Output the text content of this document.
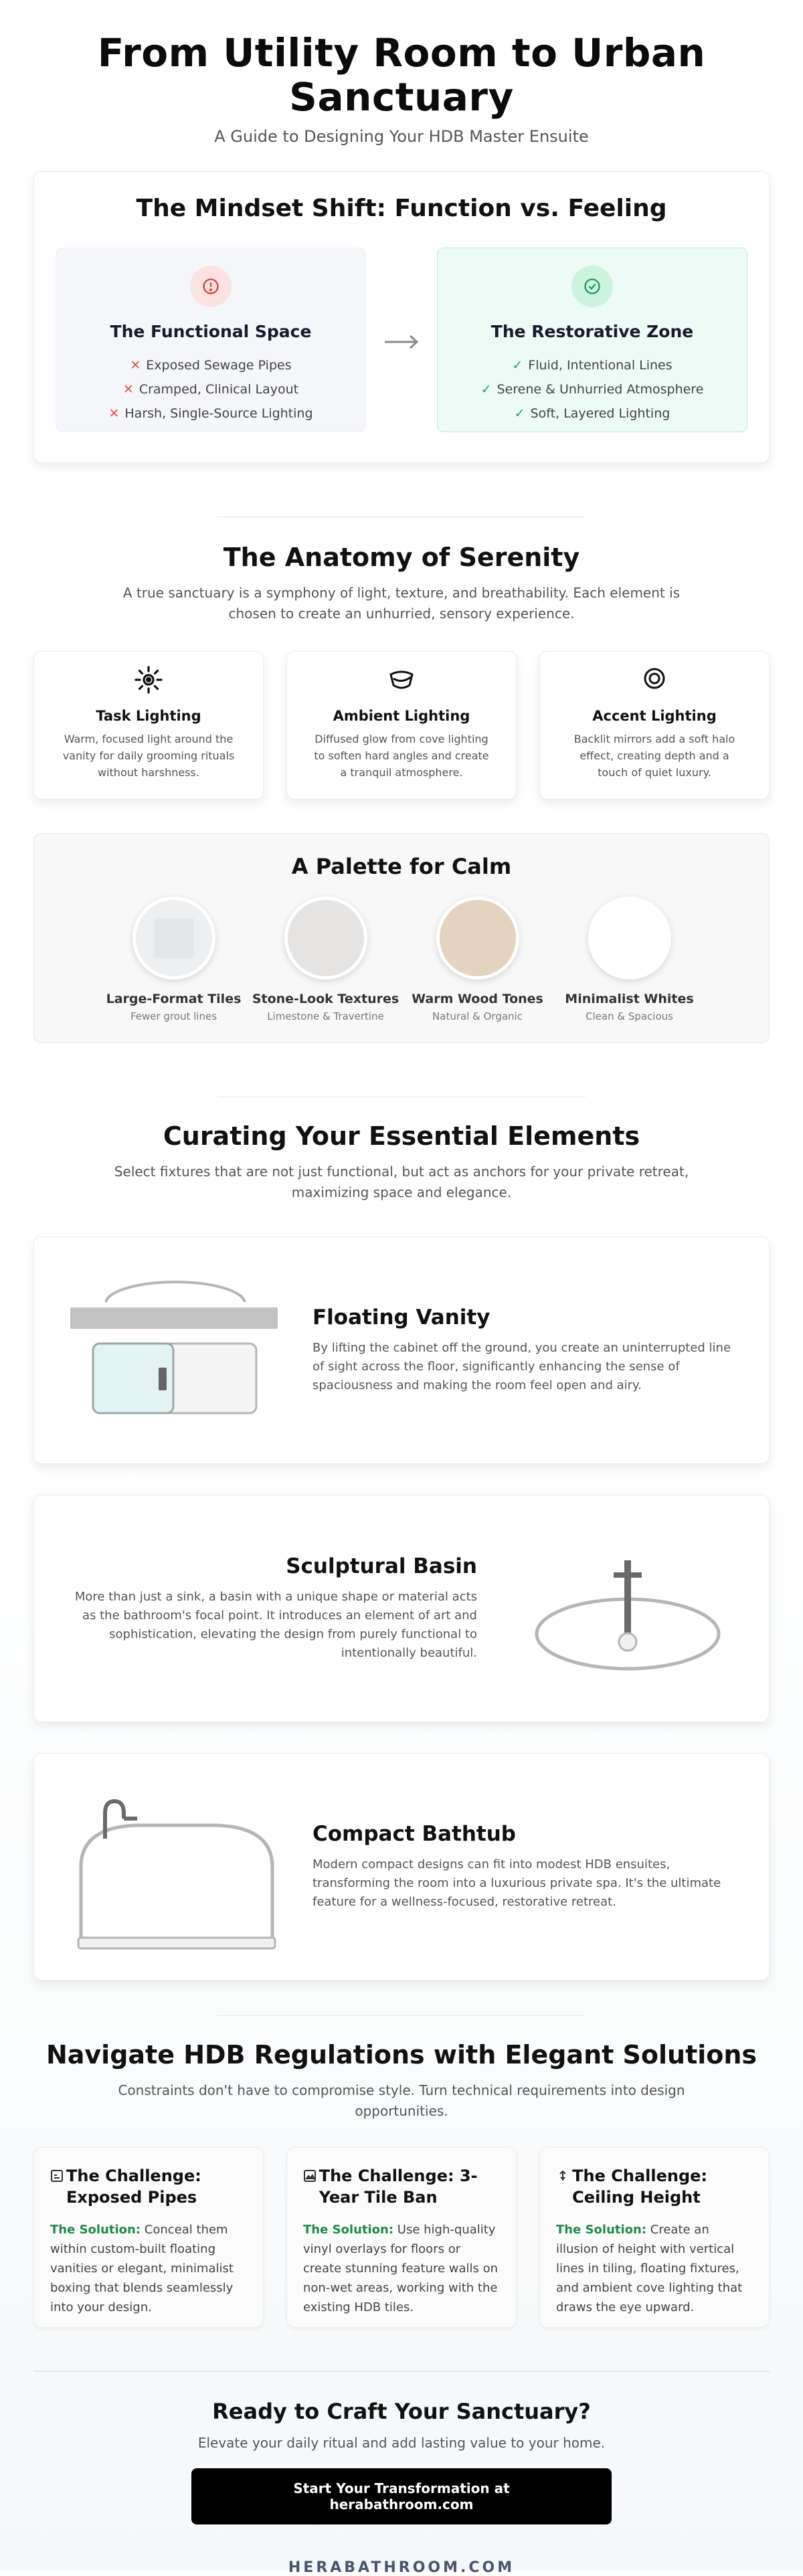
From Utility Room to Urban Sanctuary
A Guide to Designing Your HDB Master Ensuite
The Mindset Shift: Function vs. Feeling
The Functional Space
✕ Exposed Sewage Pipes
✕ Cramped, Clinical Layout
✕ Harsh, Single-Source Lighting
The Restorative Zone
✓ Fluid, Intentional Lines
✓ Serene & Unhurried Atmosphere
✓ Soft, Layered Lighting
The Anatomy of Serenity

A true sanctuary is a symphony of light, texture, and breathability. Each element is chosen to create an unhurried, sensory experience.

Task Lighting

Warm, focused light around the vanity for daily grooming rituals without harshness.

Ambient Lighting

Diffused glow from cove lighting to soften hard angles and create a tranquil atmosphere.

Accent Lighting

Backlit mirrors add a soft halo effect, creating depth and a touch of quiet luxury.

A Palette for Calm
Large-Format Tiles
Fewer grout lines
Stone-Look Textures
Limestone & Travertine
Warm Wood Tones
Natural & Organic
Minimalist Whites
Clean & Spacious
Curating Your Essential Elements

Select fixtures that are not just functional, but act as anchors for your private retreat, maximizing space and elegance.

Floating Vanity

By lifting the cabinet off the ground, you create an uninterrupted line of sight across the floor, significantly enhancing the sense of spaciousness and making the room feel open and airy.

Sculptural Basin

More than just a sink, a basin with a unique shape or material acts as the bathroom's focal point. It introduces an element of art and sophistication, elevating the design from purely functional to intentionally beautiful.

Compact Bathtub

Modern compact designs can fit into modest HDB ensuites, transforming the room into a luxurious private spa. It's the ultimate feature for a wellness-focused, restorative retreat.

Navigate HDB Regulations with Elegant Solutions

Constraints don't have to compromise style. Turn technical requirements into design opportunities.

The Challenge: Exposed Pipes

The Solution: Conceal them within custom-built floating vanities or elegant, minimalist boxing that blends seamlessly into your design.

The Challenge: 3-Year Tile Ban

The Solution: Use high-quality vinyl overlays for floors or create stunning feature walls on non-wet areas, working with the existing HDB tiles.

The Challenge: Ceiling Height

The Solution: Create an illusion of height with vertical lines in tiling, floating fixtures, and ambient cove lighting that draws the eye upward.

Ready to Craft Your Sanctuary?

Elevate your daily ritual and add lasting value to your home.

Start Your Transformation at herabathroom.com
HERABATHROOM.COM
